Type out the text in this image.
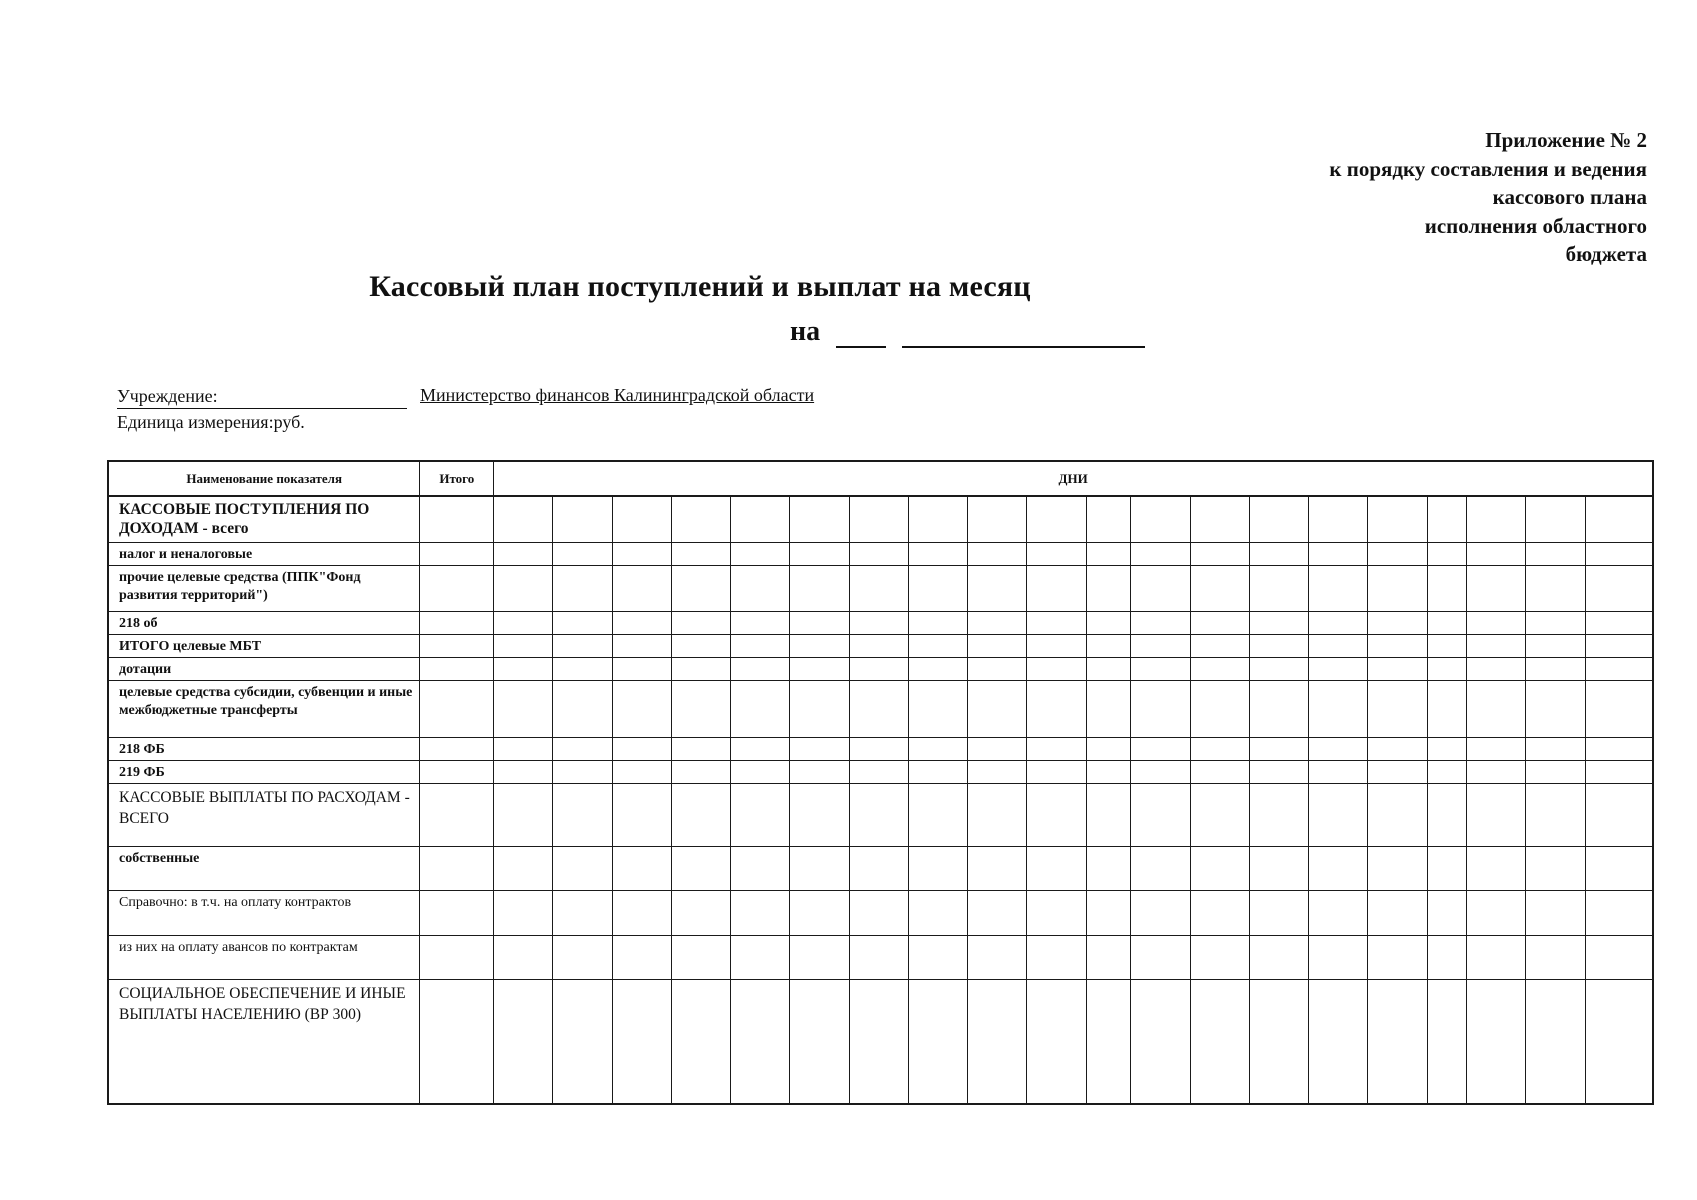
Приложение № 2
к порядку составления и ведения
кассового плана
исполнения областного
бюджета
Кассовый план поступлений и выплат на месяц
на
Учреждение:	Министерство финансов Калининградской области
Единица измерения:руб.
Наименование показателя	Итого	ДНИ																			
КАССОВЫЕ ПОСТУПЛЕНИЯ ПО ДОХОДАМ - всего																					
налог и неналоговые																					
прочие целевые средства (ППК"Фонд развития территорий")																					
218 об																					
ИТОГО целевые МБТ																					
дотации																					
целевые средства субсидии, субвенции и иные межбюджетные трансферты																					
218 ФБ																					
219 ФБ																					
КАССОВЫЕ ВЫПЛАТЫ ПО РАСХОДАМ - ВСЕГО																					
собственные																					
Справочно: в т.ч. на оплату контрактов																					
из них на оплату авансов по контрактам																					
СОЦИАЛЬНОЕ ОБЕСПЕЧЕНИЕ И ИНЫЕ ВЫПЛАТЫ НАСЕЛЕНИЮ (ВР 300)																					
